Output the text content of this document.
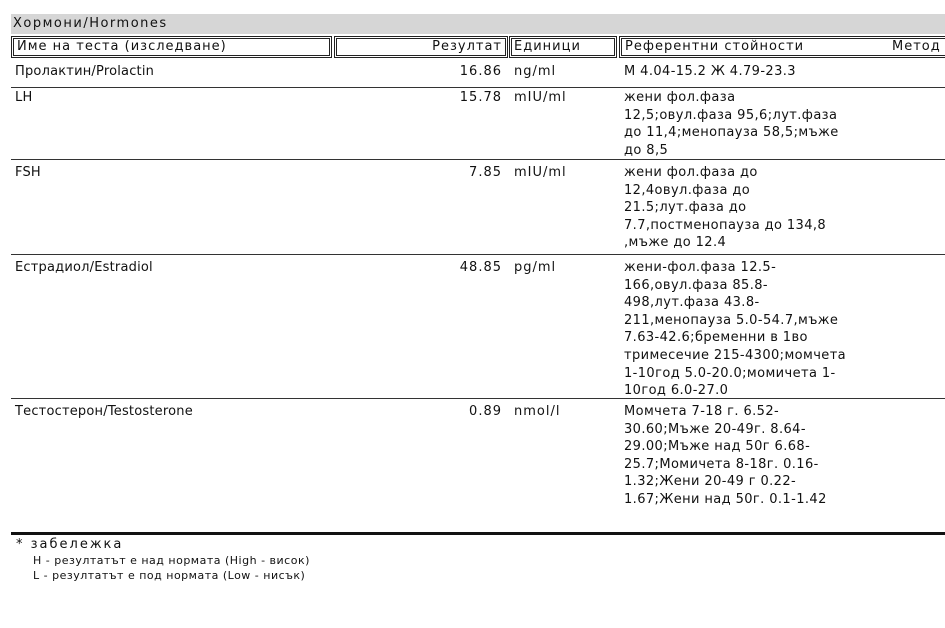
Хормони/Hormones
Име на теста (изследване)	Резултат Единици	Референтни стойности	Метод
Пролактин/Prolactin	16.86 ng/ml	M 4.04-15.2 Ж 4.79-23.3
LH	15.78 mIU/ml	жени фол.фаза
12,5;овул.фаза 95,6;лут.фаза
до 11,4;менопауза 58,5;мъже
до 8,5
FSH	7.85 mIU/ml	жени фол.фаза до
12,4овул.фаза до
21.5;лут.фаза до
7.7,постменопауза до 134,8
,мъже до 12.4
Естрадиол/Estradiol	48.85 pg/ml	жени-фол.фаза 12.5-
166,овул.фаза 85.8-
498,лут.фаза 43.8-
211,менопауза 5.0-54.7,мъже
7.63-42.6;бременни в 1во
тримесечие 215-4300;момчета
1-10год 5.0-20.0;момичета 1-
10год 6.0-27.0
Тестостерон/Testosterone	0.89 nmol/l	Момчета 7-18 г. 6.52-
30.60;Мъже 20-49г. 8.64-
29.00;Мъже над 50г 6.68-
25.7;Момичета 8-18г. 0.16-
1.32;Жени 20-49 г 0.22-
1.67;Жени над 50г. 0.1-1.42
* забележка
H - резултатът е над нормата (High - висок)
L - резултатът е под нормата (Low - нисък)
